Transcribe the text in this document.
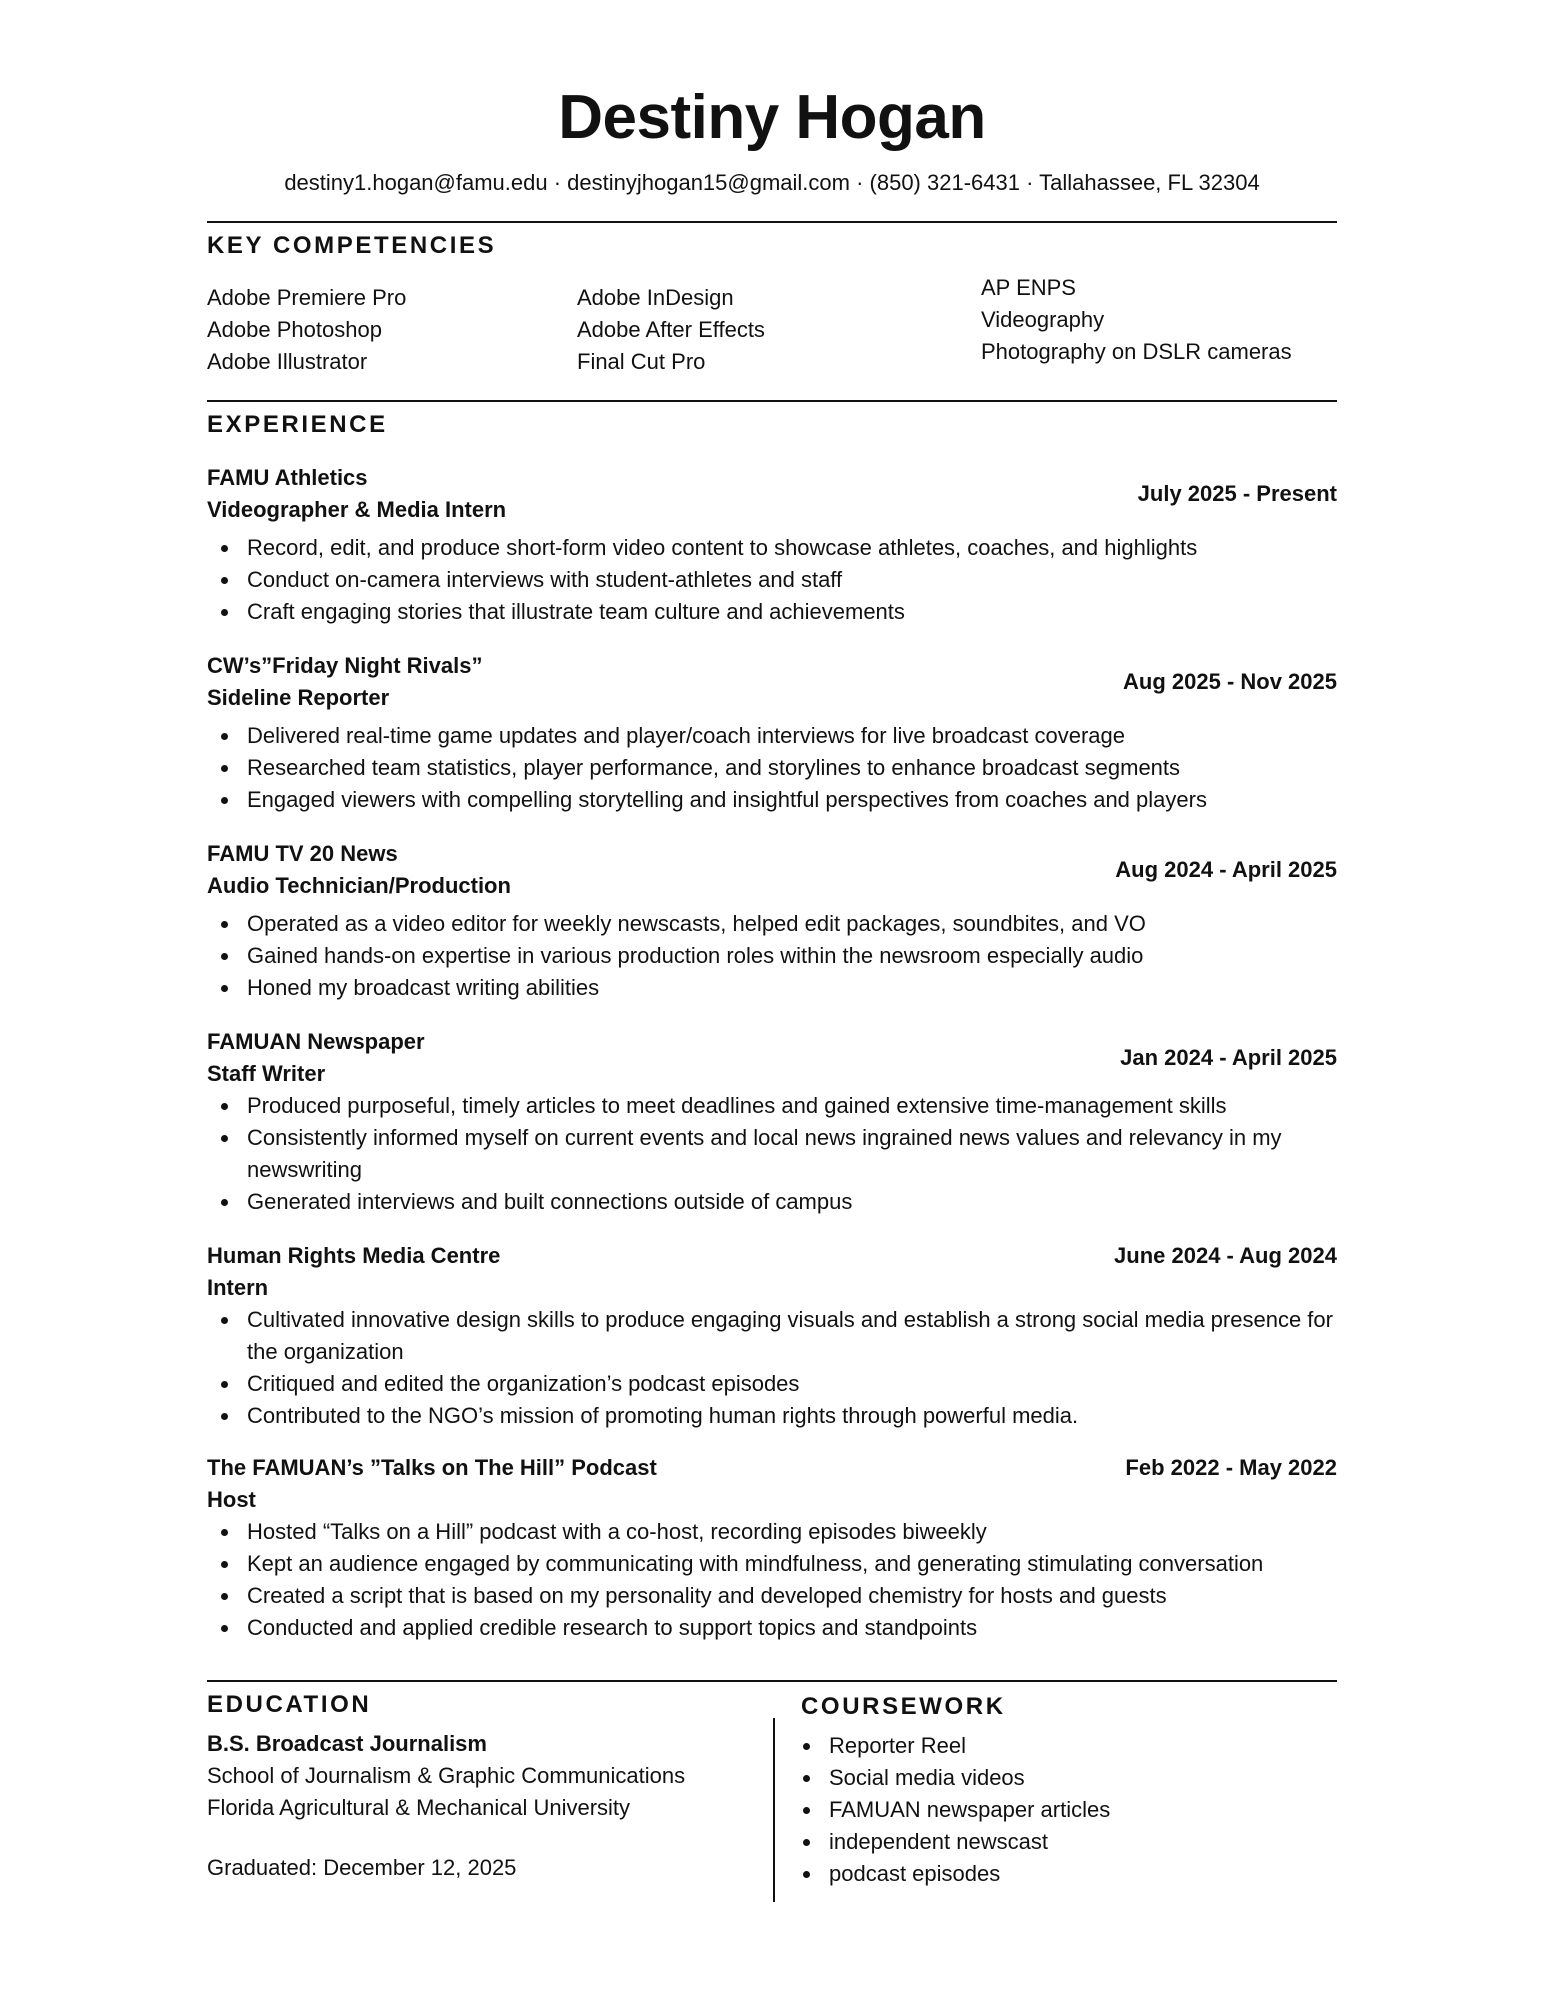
Destiny Hogan
destiny1.hogan@famu.edu · destinyjhogan15@gmail.com · (850) 321-6431 · Tallahassee, FL 32304
KEY COMPETENCIES
Adobe Premiere Pro
Adobe Photoshop
Adobe Illustrator
Adobe InDesign
Adobe After Effects
Final Cut Pro
AP ENPS
Videography
Photography on DSLR cameras
EXPERIENCE
July 2025 - Present
FAMU Athletics
Videographer & Media Intern
Record, edit, and produce short-form video content to showcase athletes, coaches, and highlights
Conduct on-camera interviews with student-athletes and staff
Craft engaging stories that illustrate team culture and achievements
Aug 2025 - Nov 2025
CW’s”Friday Night Rivals”
Sideline Reporter
Delivered real-time game updates and player/coach interviews for live broadcast coverage
Researched team statistics, player performance, and storylines to enhance broadcast segments
Engaged viewers with compelling storytelling and insightful perspectives from coaches and players
Aug 2024 - April 2025
FAMU TV 20 News
Audio Technician/Production
Operated as a video editor for weekly newscasts, helped edit packages, soundbites, and VO
Gained hands-on expertise in various production roles within the newsroom especially audio
Honed my broadcast writing abilities
Jan 2024 - April 2025
FAMUAN Newspaper
Staff Writer
Produced purposeful, timely articles to meet deadlines and gained extensive time-management skills
Consistently informed myself on current events and local news ingrained news values and relevancy in my newswriting
Generated interviews and built connections outside of campus
June 2024 - Aug 2024
Human Rights Media Centre
Intern
Cultivated innovative design skills to produce engaging visuals and establish a strong social media presence for the organization
Critiqued and edited the organization’s podcast episodes
Contributed to the NGO’s mission of promoting human rights through powerful media.
Feb 2022 - May 2022
The FAMUAN’s ”Talks on The Hill” Podcast
Host
Hosted “Talks on a Hill” podcast with a co-host, recording episodes biweekly
Kept an audience engaged by communicating with mindfulness, and generating stimulating conversation
Created a script that is based on my personality and developed chemistry for hosts and guests
Conducted and applied credible research to support topics and standpoints
EDUCATION
B.S. Broadcast Journalism
School of Journalism & Graphic Communications
Florida Agricultural & Mechanical University
Graduated: December 12, 2025
COURSEWORK
Reporter Reel
Social media videos
FAMUAN newspaper articles
independent newscast
podcast episodes
